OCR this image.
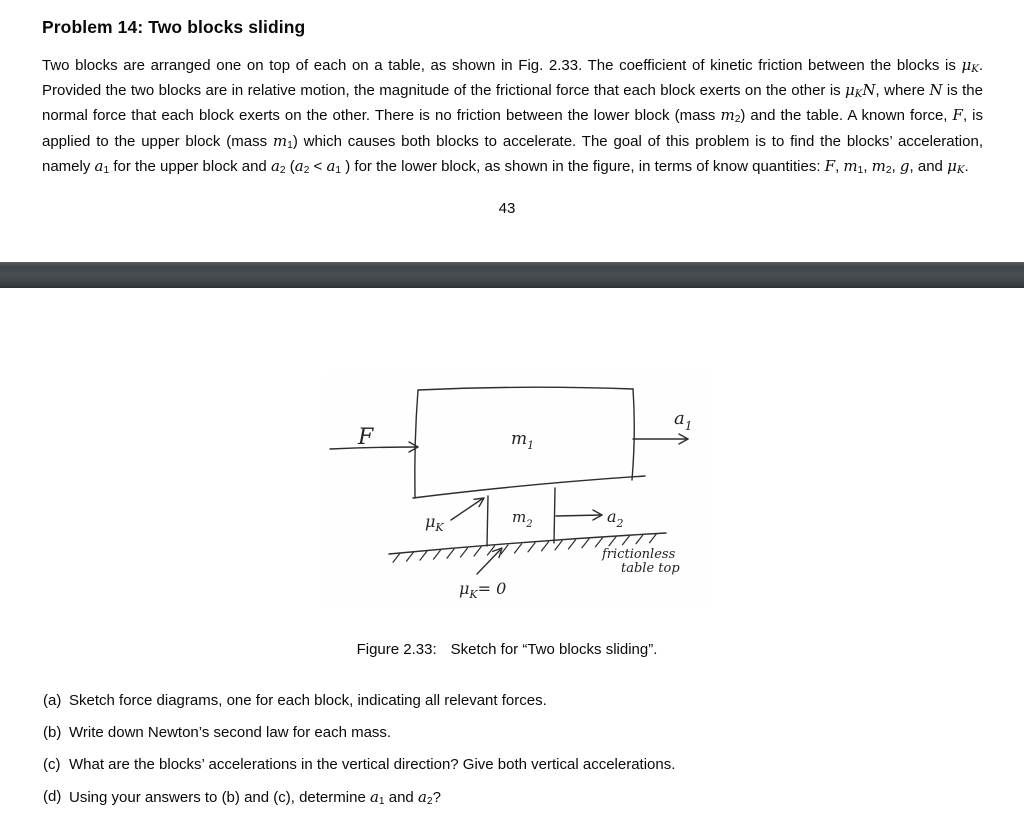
Problem 14: Two blocks sliding
Two blocks are arranged one on top of each on a table, as shown in Fig. 2.33. The coefficient of kinetic friction between the blocks is μK. Provided the two blocks are in relative motion, the magnitude of the frictional force that each block exerts on the other is μKN, where N is the normal force that each block exerts on the other. There is no friction between the lower block (mass m2) and the table. A known force, F, is applied to the upper block (mass m1) which causes both blocks to accelerate. The goal of this problem is to find the blocks’ acceleration, namely a1 for the upper block and a2 (a2 < a1 ) for the lower block, as shown in the figure, in terms of know quantities: F, m1, m2, g, and μK.
43
F	$m_1$
$a_1$
$\mu_K$
$m_2$	$a_2$
$\mu_K= 0$
frictionless
table top
Figure 2.33: Sketch for “Two blocks sliding”.
(a) Sketch force diagrams, one for each block, indicating all relevant forces.
(b) Write down Newton’s second law for each mass.
(c) What are the blocks’ accelerations in the vertical direction? Give both vertical accelerations.
(d) Using your answers to (b) and (c), determine a1 and a2?
